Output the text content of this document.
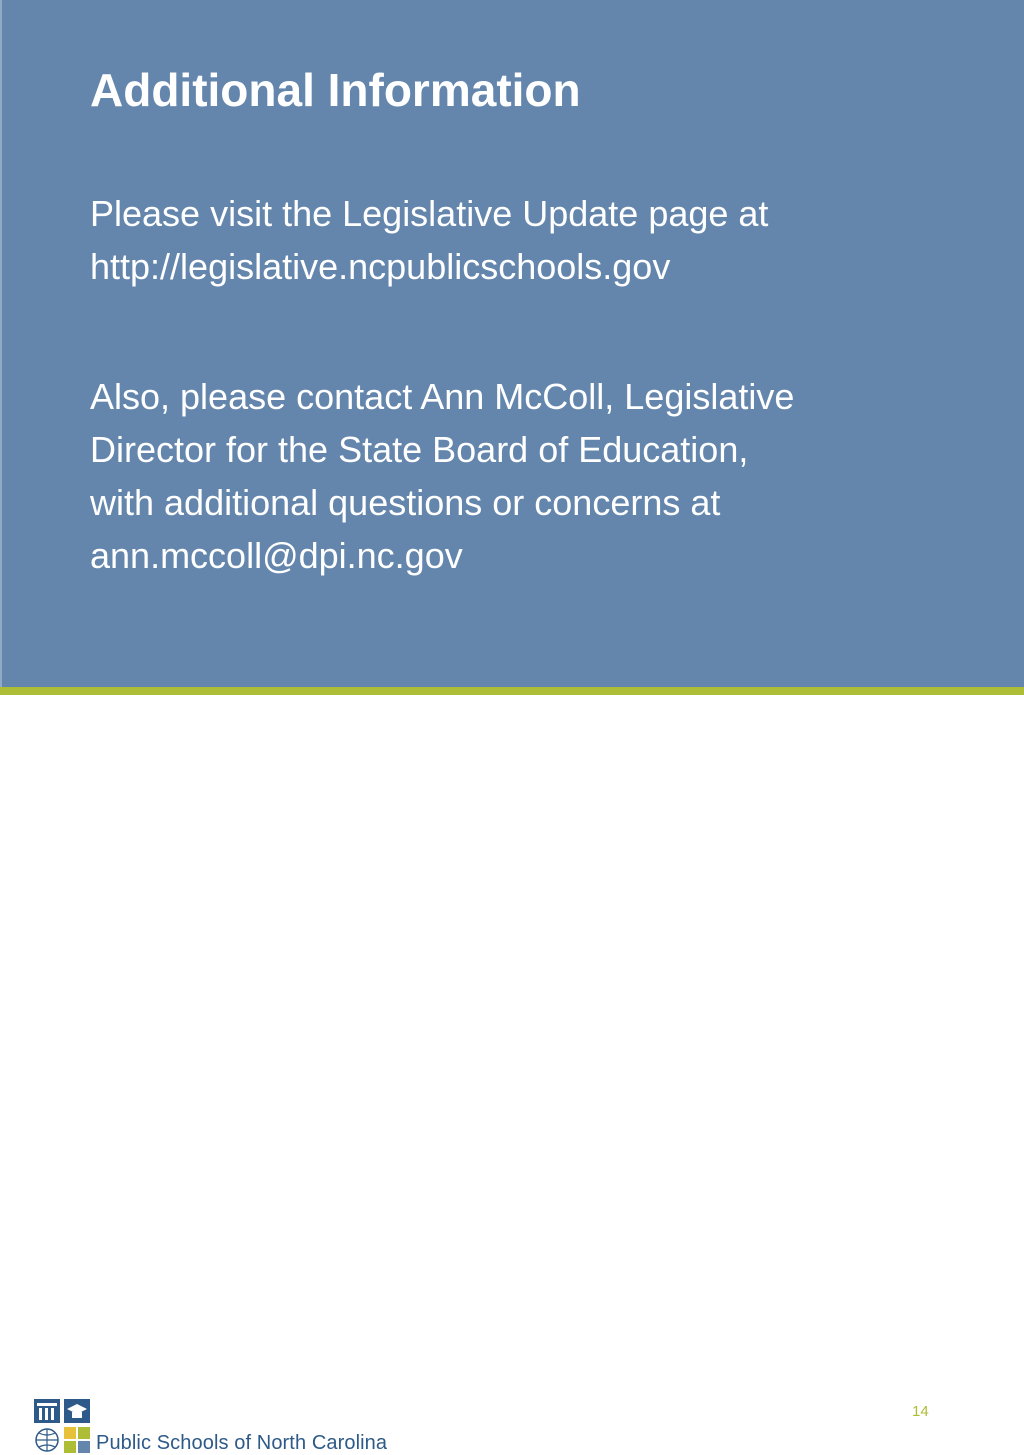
Additional Information

Please visit the Legislative Update page at
http://legislative.ncpublicschools.gov

Also, please contact Ann McColl, Legislative
Director for the State Board of Education,
with additional questions or concerns at
ann.mccoll@dpi.nc.gov

Public Schools of North Carolina
14
